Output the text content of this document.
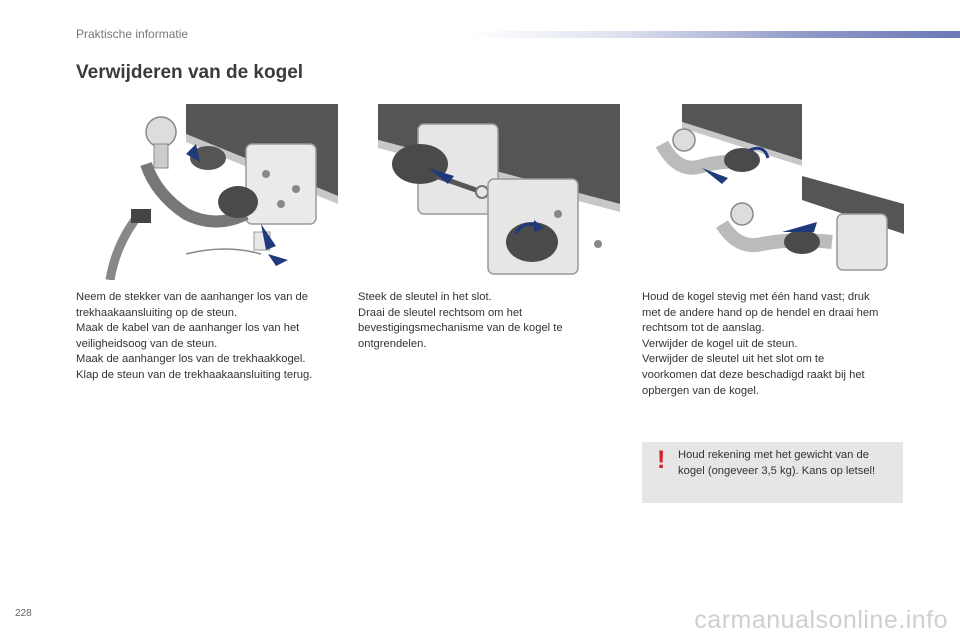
Praktische informatie
Verwijderen van de kogel

Neem de stekker van de aanhanger los van de

trekhaakaansluiting op de steun.

Maak de kabel van de aanhanger los van het

veiligheidsoog van de steun.

Maak de aanhanger los van de trekhaakkogel.

Klap de steun van de trekhaakaansluiting terug.

Steek de sleutel in het slot.

Draai de sleutel rechtsom om het

bevestigingsmechanisme van de kogel te

ontgrendelen.

Houd de kogel stevig met één hand vast; druk

met de andere hand op de hendel en draai hem

rechtsom tot de aanslag.

Verwijder de kogel uit de steun.

Verwijder de sleutel uit het slot om te

voorkomen dat deze beschadigd raakt bij het

opbergen van de kogel.

! Houd rekening met het gewicht van de
kogel (ongeveer 3,5 kg). Kans op letsel!
228	carmanualsonline.info
